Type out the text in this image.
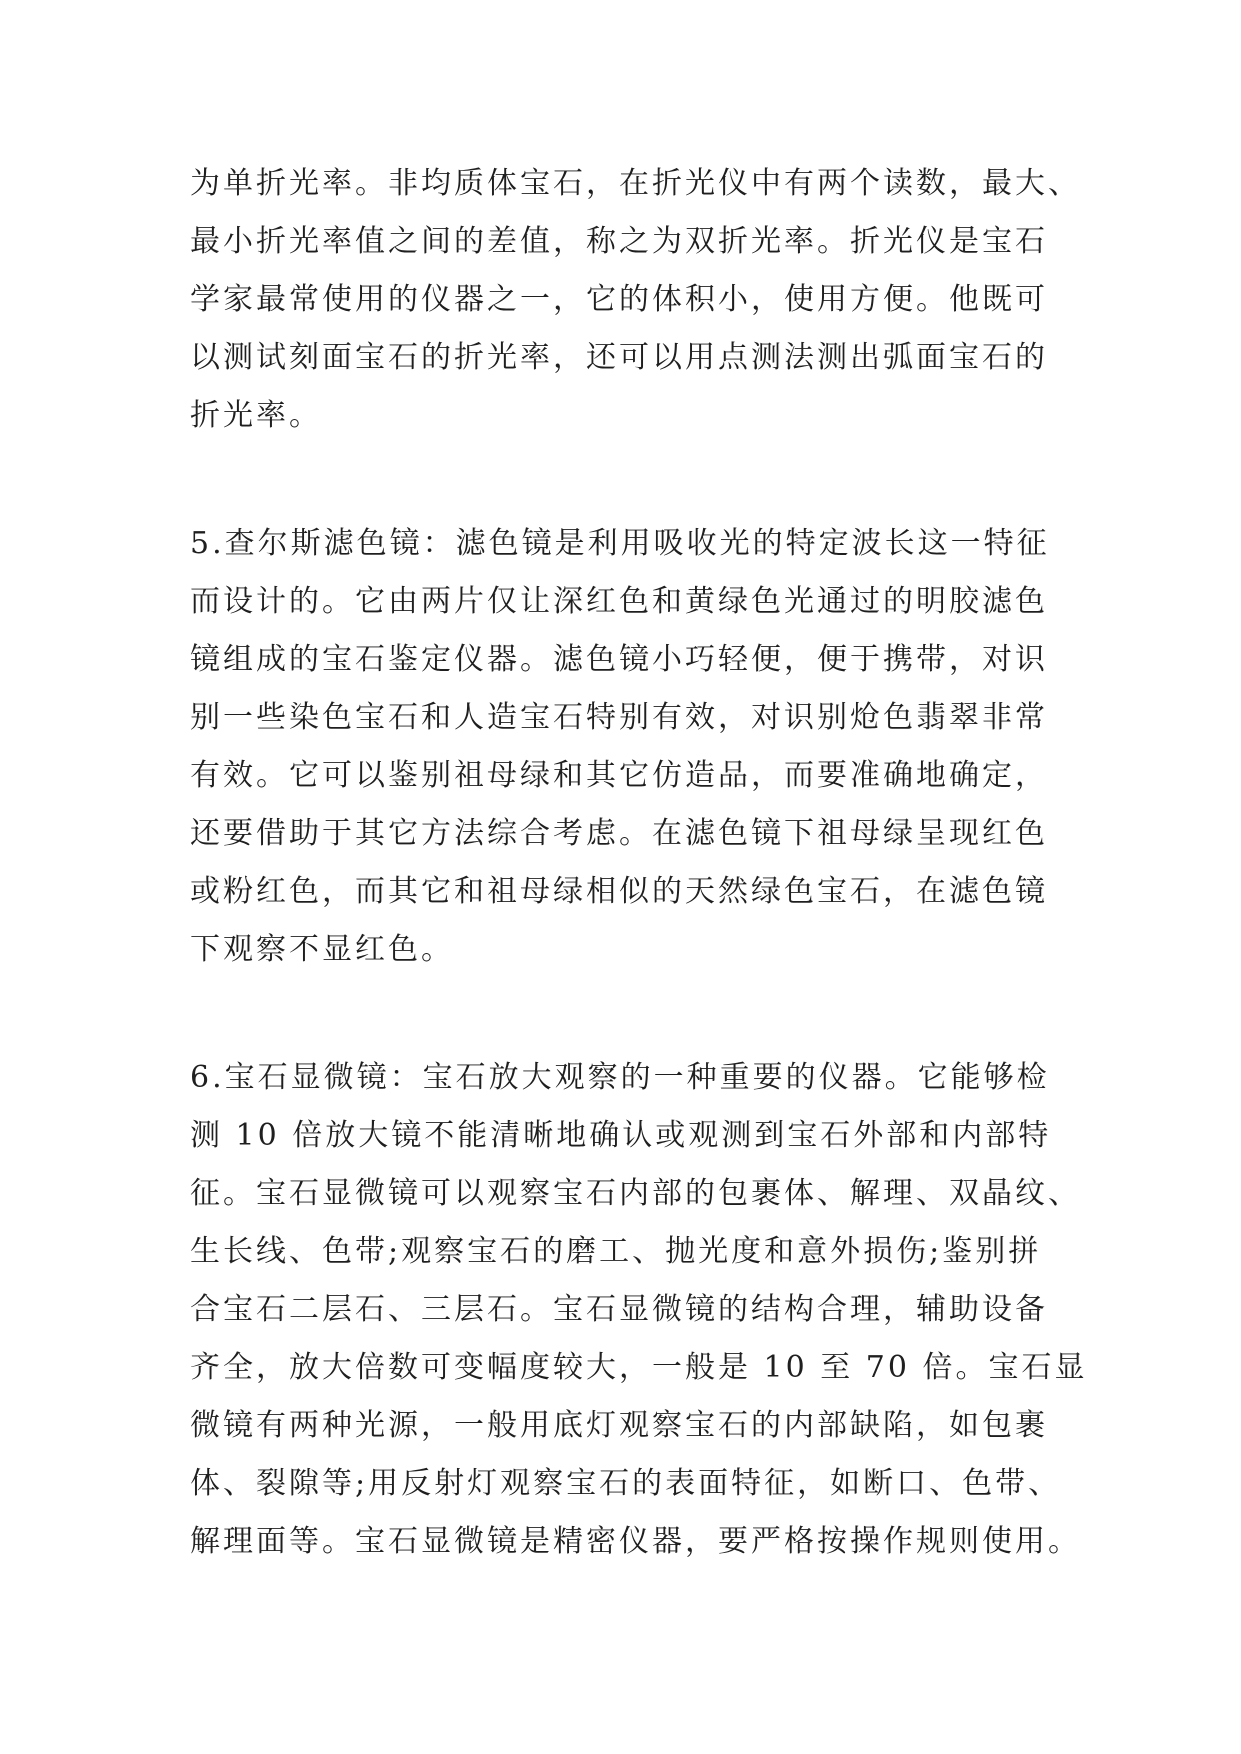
为单折光率。非均质体宝石，在折光仪中有两个读数，最大、
最小折光率值之间的差值，称之为双折光率。折光仪是宝石
学家最常使用的仪器之一，它的体积小，使用方便。他既可
以测试刻面宝石的折光率，还可以用点测法测出弧面宝石的
折光率。
5.查尔斯滤色镜：滤色镜是利用吸收光的特定波长这一特征
而设计的。它由两片仅让深红色和黄绿色光通过的明胶滤色
镜组成的宝石鉴定仪器。滤色镜小巧轻便，便于携带，对识
别一些染色宝石和人造宝石特别有效，对识别炝色翡翠非常
有效。它可以鉴别祖母绿和其它仿造品，而要准确地确定，
还要借助于其它方法综合考虑。在滤色镜下祖母绿呈现红色
或粉红色，而其它和祖母绿相似的天然绿色宝石，在滤色镜
下观察不显红色。
6.宝石显微镜：宝石放大观察的一种重要的仪器。它能够检
测 10 倍放大镜不能清晰地确认或观测到宝石外部和内部特
征。宝石显微镜可以观察宝石内部的包裹体、解理、双晶纹、
生长线、色带;观察宝石的磨工、抛光度和意外损伤;鉴别拼
合宝石二层石、三层石。宝石显微镜的结构合理，辅助设备
齐全，放大倍数可变幅度较大，一般是 10 至 70 倍。宝石显
微镜有两种光源，一般用底灯观察宝石的内部缺陷，如包裹
体、裂隙等;用反射灯观察宝石的表面特征，如断口、色带、
解理面等。宝石显微镜是精密仪器，要严格按操作规则使用。
